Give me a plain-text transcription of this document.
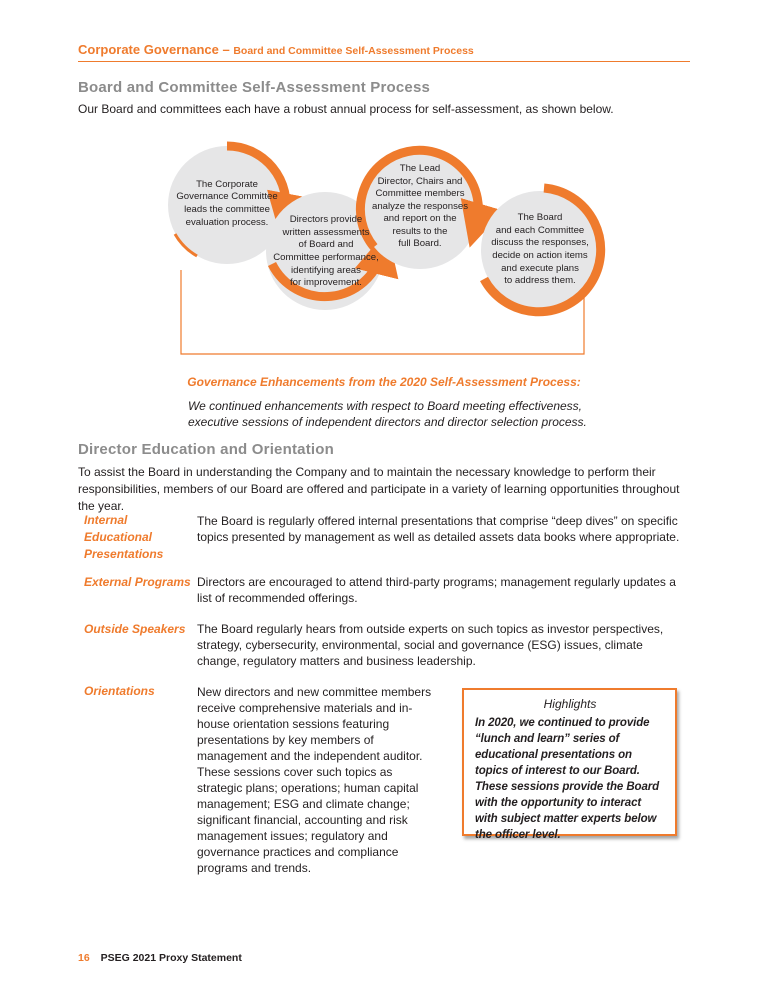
Corporate Governance – Board and Committee Self-Assessment Process
Board and Committee Self-Assessment Process
Our Board and committees each have a robust annual process for self-assessment, as shown below.
The Corporate
Governance Committee
leads the committee
evaluation process.	Directors provide
written assessments
of Board and
Committee performance,
identifying areas
for improvement.
The Lead
Director, Chairs and
Committee members
analyze the responses
and report on the
results to the
full Board.
The Board
and each Committee
discuss the responses,
decide on action items
and execute plans
to address them.
Governance Enhancements from the 2020 Self-Assessment Process:
We continued enhancements with respect to Board meeting effectiveness, executive sessions of independent directors and director selection process.
Director Education and Orientation
To assist the Board in understanding the Company and to maintain the necessary knowledge to perform their responsibilities, members of our Board are offered and participate in a variety of learning opportunities throughout the year.
Internal Educational Presentations
The Board is regularly offered internal presentations that comprise “deep dives” on specific topics presented by management as well as detailed assets data books where appropriate.
External Programs Directors are encouraged to attend third-party programs; management regularly updates a list of recommended offerings.
Outside Speakers The Board regularly hears from outside experts on such topics as investor perspectives, strategy, cybersecurity, environmental, social and governance (ESG) issues, climate change, regulatory matters and business leadership.
Orientations	New directors and new committee members receive comprehensive materials and in-house orientation sessions featuring presentations by key members of management and the independent auditor. These sessions cover such topics as strategic plans; operations; human capital management; ESG and climate change; significant financial, accounting and risk management issues; regulatory and governance practices and compliance programs and trends.
Highlights
In 2020, we continued to provide “lunch and learn” series of educational presentations on topics of interest to our Board. These sessions provide the Board with the opportunity to interact with subject matter experts below the officer level.
16 PSEG 2021 Proxy Statement
